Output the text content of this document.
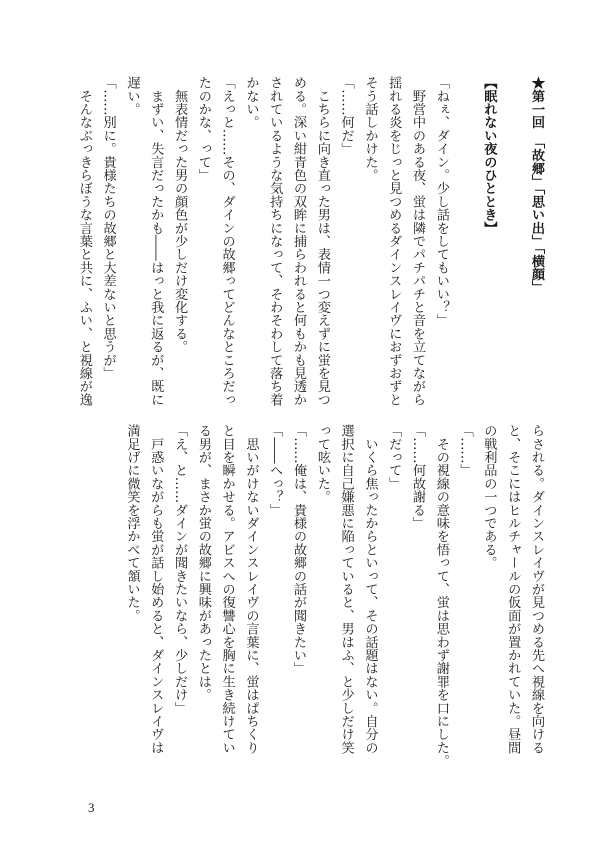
★第一回　「故郷」「思い出」「横顔」
【眠れない夜のひととき】
「ねぇ、ダイン。少し話をしてもいい？」
　野営中のある夜、蛍は隣でパチパチと音を立てながら
揺れる炎をじっと見つめるダインスレイヴにおずおずと
そう話しかけた。
「……何だ」
　こちらに向き直った男は、表情一つ変えずに蛍を見つ
める。深い紺青色の双眸に捕らわれると何もかも見透か
されているような気持ちになって、そわそわして落ち着
かない。
「えっと……その、ダインの故郷ってどんなところだっ
たのかな、って」
　無表情だった男の顔色が少しだけ変化する。
　まずい、失言だったかも――はっと我に返るが、既に
遅い。
「……別に。貴様たちの故郷と大差ないと思うが」
　そんなぶっきらぼうな言葉と共に、ふい、と視線が逸
らされる。ダインスレイヴが見つめる先へ視線を向ける
と、そこにはヒルチャールの仮面が置かれていた。昼間
の戦利品の一つである。
「……」
　その視線の意味を悟って、蛍は思わず謝罪を口にした。
「……何故謝る」
「だって」
　いくら焦ったからといって、その話題はない。自分の
選択に自己嫌悪に陥っていると、男はふ、と少しだけ笑
って呟いた。
「……俺は、貴様の故郷の話が聞きたい」
「――へっ？」
　思いがけないダインスレイヴの言葉に、蛍はぱちくり
と目を瞬かせる。アビスへの復讐心を胸に生き続けてい
る男が、まさか蛍の故郷に興味があったとは。
「え、と……ダインが聞きたいなら、少しだけ」
　戸惑いながらも蛍が話し始めると、ダインスレイヴは
満足げに微笑を浮かべて頷いた。
3
